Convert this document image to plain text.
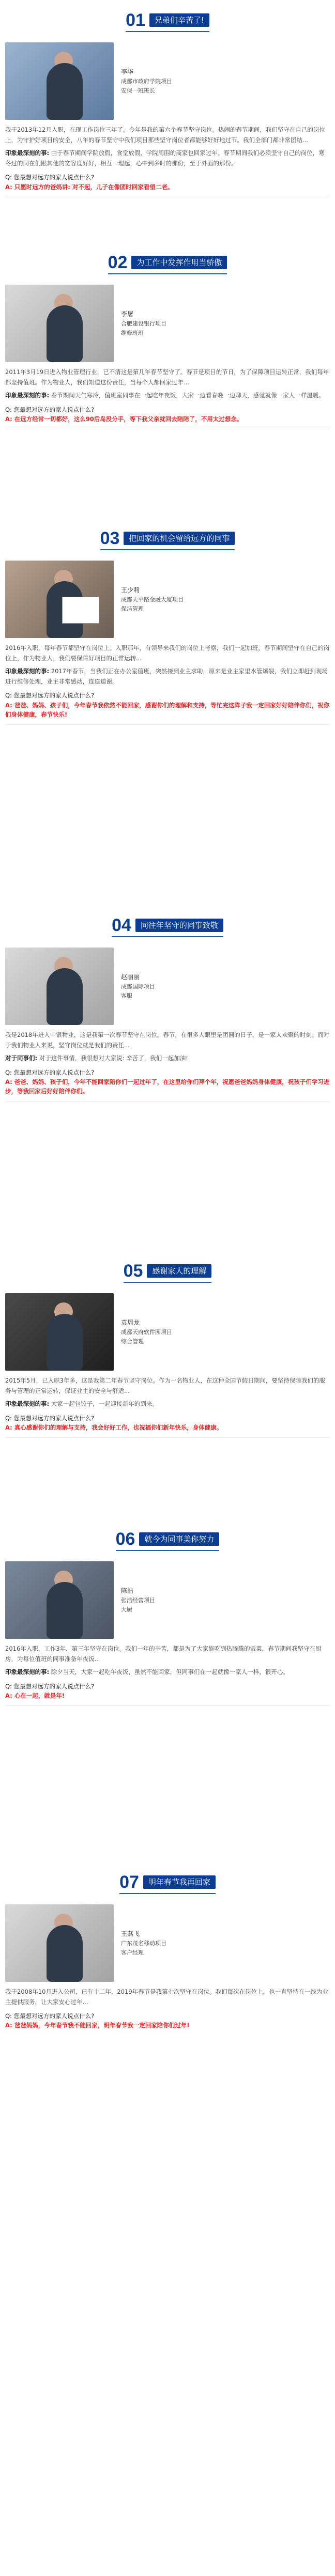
01	兄弟们辛苦了!
李华
成都市政府学院项目
安保一班班长
我于2013年12月入职，在现工作岗位三年了。今年是我的第六个春节坚守岗位。热闹的春节期间，我们坚守在自己的岗位上，为守护好项目的安全，八年的春节坚守中我们项目那些坚守岗位者都能够好好地过节。我们全部门都非常团结...
印象最深刻的事: 由于春节期间学院放假，食堂放假，学院周围的商家也回家过年。春节期间我们必须坚守自己的岗位，寒冬过的同在们跟其他的宽容度好好，相互一理起，心中到多时的那份，至于外面的那份。
Q: 您最想对远方的家人说点什么?
A: 只愿时远方的爸妈讲: 对不起，儿子在像团时回家看望二老。
02	为工作中发挥作用当骄傲
李屠
合肥建设银行项目
维修班班
2011年3月19日进入物业管理行业，已不清这是第几年春节坚守了。春节是项目的节日，为了保障项目运转正常，我们每年都坚持值班。作为物业人，我们知道这份责任，当每个人都回家过年...
印象最深刻的事: 春节期间天气寒冷，值班室同事在一起吃年夜饭，大家一边看春晚一边聊天，感觉就像一家人一样温暖。
Q: 您最想对远方的家人说点什么?
A: 在远方经常一切都好，这么90后岛没分手，等下我父亲就回去陪陪了，不用太过想念。
03	把回家的机会留给远方的同事
王少莉
成都天平路金融大厦项目
保洁管理
2016年入职，每年春节都坚守在岗位上。入职那年，有领导来我们的岗位上考察，我们一起加班，春节期间坚守在自己的岗位上，作为物业人，我们要保障好项目的正常运转...
印象最深刻的事: 2017年春节，当我们正在办公室值班，突然接到业主求助，原来是业主家里水管爆裂，我们立即赶到现场进行维修处理，业主非常感动，连连道谢。
Q: 您最想对远方的家人说点什么?
A: 爸爸、妈妈、孩子们，今年春节我依然不能回家，感谢你们的理解和支持，等忙完这阵子我一定回家好好陪伴你们，祝你们身体健康，春节快乐!
04	同往年坚守的同事致敬
赵丽丽
成都国际项目
客服
我是2018年进入中银物业，这是我第一次春节坚守在岗位。春节，在很多人眼里是团圆的日子，是一家人欢聚的时刻。而对于我们物业人来说，坚守岗位就是我们的责任...
对于同事们: 对于这件事情，我很想对大家说: 辛苦了，我们一起加油!
Q: 您最想对远方的家人说点什么?
A: 爸爸、妈妈、孩子们，今年不能回家陪你们一起过年了，在这里给你们拜个年，祝愿爸爸妈妈身体健康，祝孩子们学习进步，等我回家后好好陪伴你们。
05	感谢家人的理解
袁周龙
成都天府软件园项目
综合管理
2015年5月，已入职3年多，这是我第二年春节坚守岗位。作为一名物业人，在这种全国节假日期间，要坚持保障我们的服务与管理的正常运转，保证业主的安全与舒适...
印象最深刻的事: 大家一起包饺子，一起迎接新年的到来。
Q: 您最想对远方的家人说点什么?
A: 真心感谢你们的理解与支持，我会好好工作，也祝福你们新年快乐，身体健康。
06	就今为同事美你努力
陈浩
张浩经营项目
大厨
2016年入职，工作3年，第三年坚守在岗位。我们一年的辛苦，都是为了大家能吃到热腾腾的饭菜，春节期间我坚守在厨房，为每位值班的同事准备年夜饭...
印象最深刻的事: 除夕当天，大家一起吃年夜饭，虽然不能回家，但同事们在一起就像一家人一样，很开心。
Q: 您最想对远方的家人说点什么?
A: 心在一起，就是年!
07	明年春节我再回家
王燕飞
广东茂名移动项目
客户经理
我于2008年10月进入公司，已有十二年，2019年春节是我第七次坚守在岗位。我们每次在岗位上，也一直坚持在一线为业主提供服务，让大家安心过年...
Q: 您最想对远方的家人说点什么?
A: 爸爸妈妈，今年春节我不能回家，明年春节我一定回家陪你们过年!
